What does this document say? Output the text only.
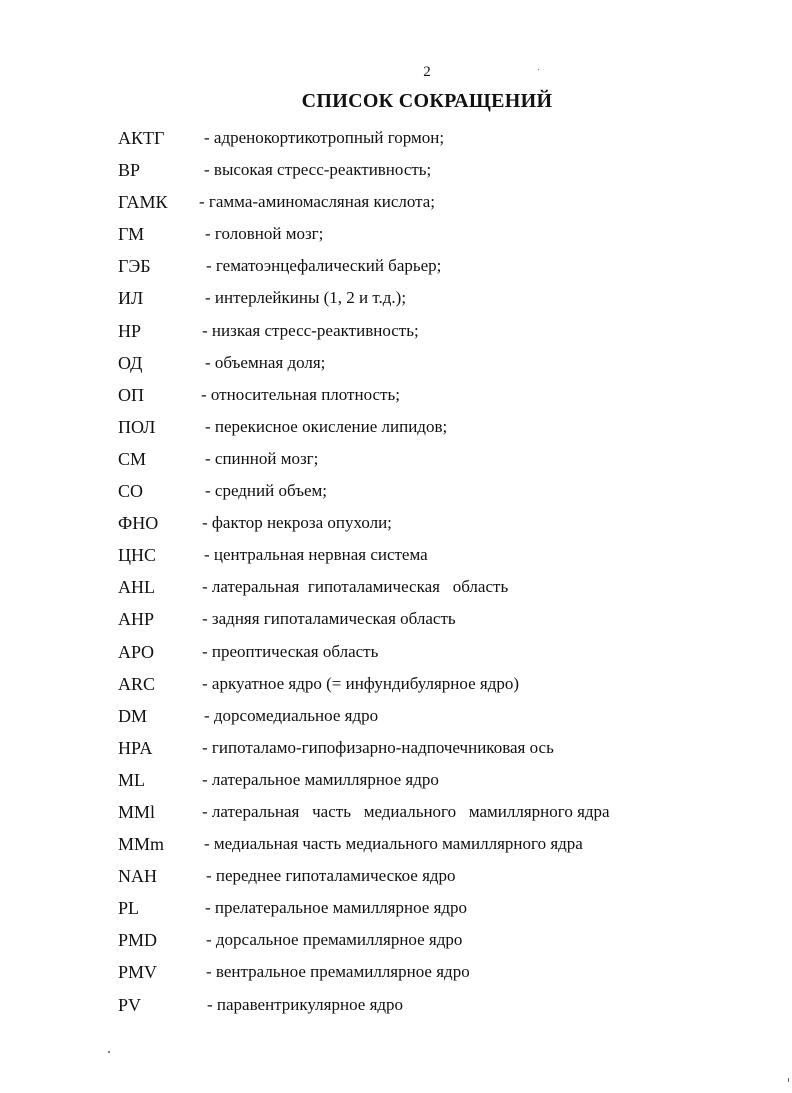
2
СПИСОК СОКРАЩЕНИЙ
АКТГ - адренокортикотропный гормон;
ВР	- высокая стресс-реактивность;
ГАМК - гамма-аминомасляная кислота;
ГМ	- головной мозг;
ГЭБ	- гематоэнцефалический барьер;
ИЛ	- интерлейкины (1, 2 и т.д.);
НР	- низкая стресс-реактивность;
ОД	- объемная доля;
ОП	- относительная плотность;
ПОЛ	- перекисное окисление липидов;
СМ	- спинной мозг;
СО	- средний объем;
ФНО	- фактор некроза опухоли;
ЦНС	- центральная нервная система
AHL	- латеральная  гипоталамическая   область
AHP	- задняя гипоталамическая область
APO	- преоптическая область
ARC	- аркуатное ядро (= инфундибулярное ядро)
DM	- дорсомедиальное ядро
HPA	- гипоталамо-гипофизарно-надпочечниковая ось
ML	- латеральное мамиллярное ядро
MMl	- латеральная   часть   медиального   мамиллярного ядра
MMm - медиальная часть медиального мамиллярного ядра
NAH	- переднее гипоталамическое ядро
PL	- прелатеральное мамиллярное ядро
PMD	- дорсальное премамиллярное ядро
PMV	- вентральное премамиллярное ядро
PV	- паравентрикулярное ядро
